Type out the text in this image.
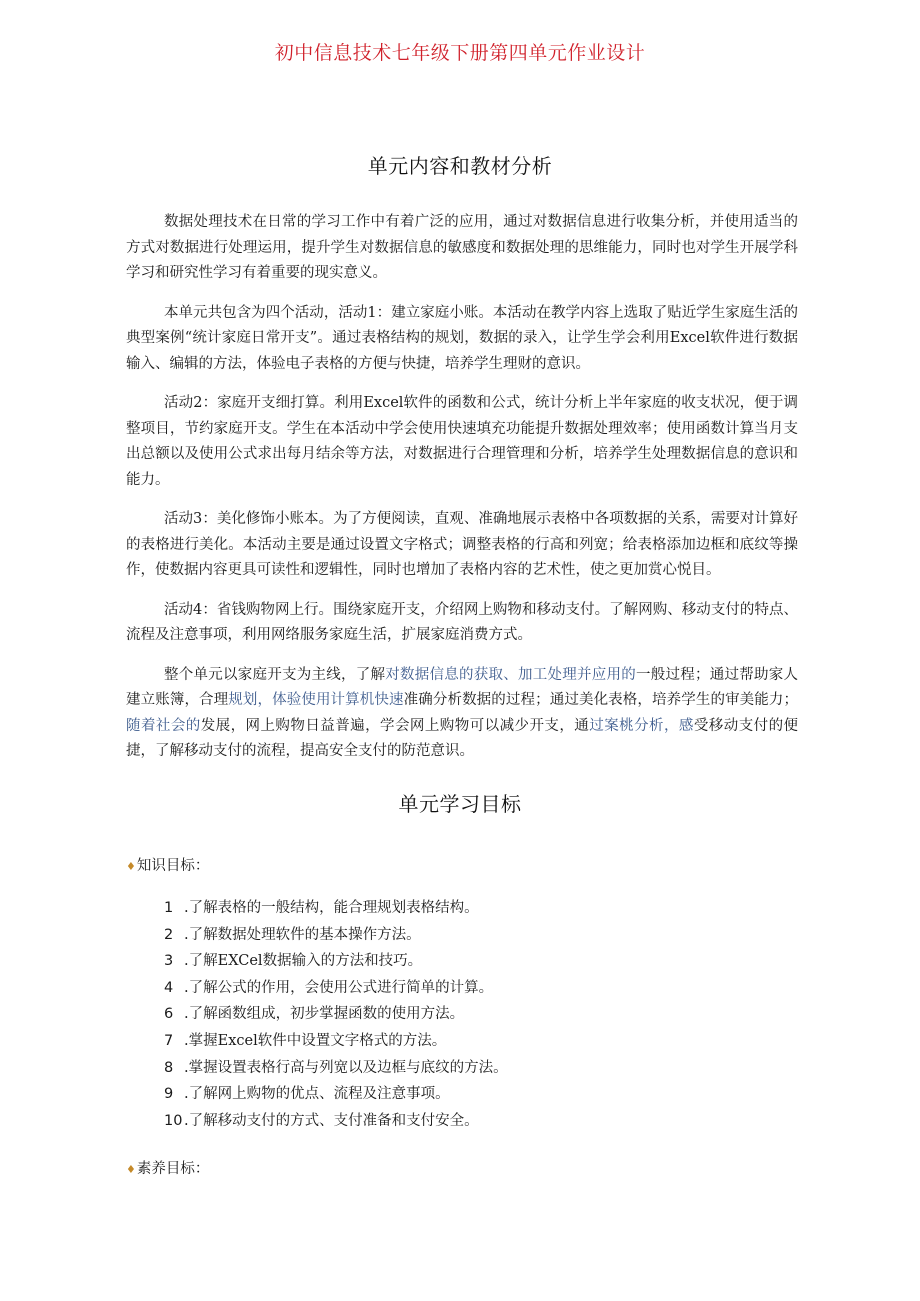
初中信息技术七年级下册第四单元作业设计
单元内容和教材分析

数据处理技术在日常的学习工作中有着广泛的应用，通过对数据信息进行收集分析，并使用适当的方式对数据进行处理运用，提升学生对数据信息的敏感度和数据处理的思维能力，同时也对学生开展学科学习和研究性学习有着重要的现实意义。

本单元共包含为四个活动，活动1：建立家庭小账。本活动在教学内容上选取了贴近学生家庭生活的典型案例“统计家庭日常开支”。通过表格结构的规划，数据的录入，让学生学会利用Excel软件进行数据输入、编辑的方法，体验电子表格的方便与快捷，培养学生理财的意识。

活动2：家庭开支细打算。利用Excel软件的函数和公式，统计分析上半年家庭的收支状况，便于调整项目，节约家庭开支。学生在本活动中学会使用快速填充功能提升数据处理效率；使用函数计算当月支出总额以及使用公式求出每月结余等方法，对数据进行合理管理和分析，培养学生处理数据信息的意识和能力。

活动3：美化修饰小账本。为了方便阅读，直观、准确地展示表格中各项数据的关系，需要对计算好的表格进行美化。本活动主要是通过设置文字格式；调整表格的行高和列宽；给表格添加边框和底纹等操作，使数据内容更具可读性和逻辑性，同时也增加了表格内容的艺术性，使之更加赏心悦目。

活动4：省钱购物网上行。围绕家庭开支，介绍网上购物和移动支付。了解网购、移动支付的特点、流程及注意事项，利用网络服务家庭生活，扩展家庭消费方式。

整个单元以家庭开支为主线，了解对数据信息的获取、加工处理并应用的一般过程；通过帮助家人建立账簿，合理规划，体验使用计算机快速准确分析数据的过程；通过美化表格，培养学生的审美能力；随着社会的发展，网上购物日益普遍，学会网上购物可以减少开支，通过案桃分析，感受移动支付的便捷，了解移动支付的流程，提高安全支付的防范意识。

单元学习目标
♦知识目标：
1 .了解表格的一般结构，能合理规划表格结构。
2 .了解数据处理软件的基本操作方法。
3 .了解EXCel数据输入的方法和技巧。
4 .了解公式的作用，会使用公式进行简单的计算。
6 .了解函数组成，初步掌握函数的使用方法。
7 .掌握Excel软件中设置文字格式的方法。
8 .掌握设置表格行高与列宽以及边框与底纹的方法。
9 .了解网上购物的优点、流程及注意事项。
10 .了解移动支付的方式、支付准备和支付安全。
♦素养目标：
